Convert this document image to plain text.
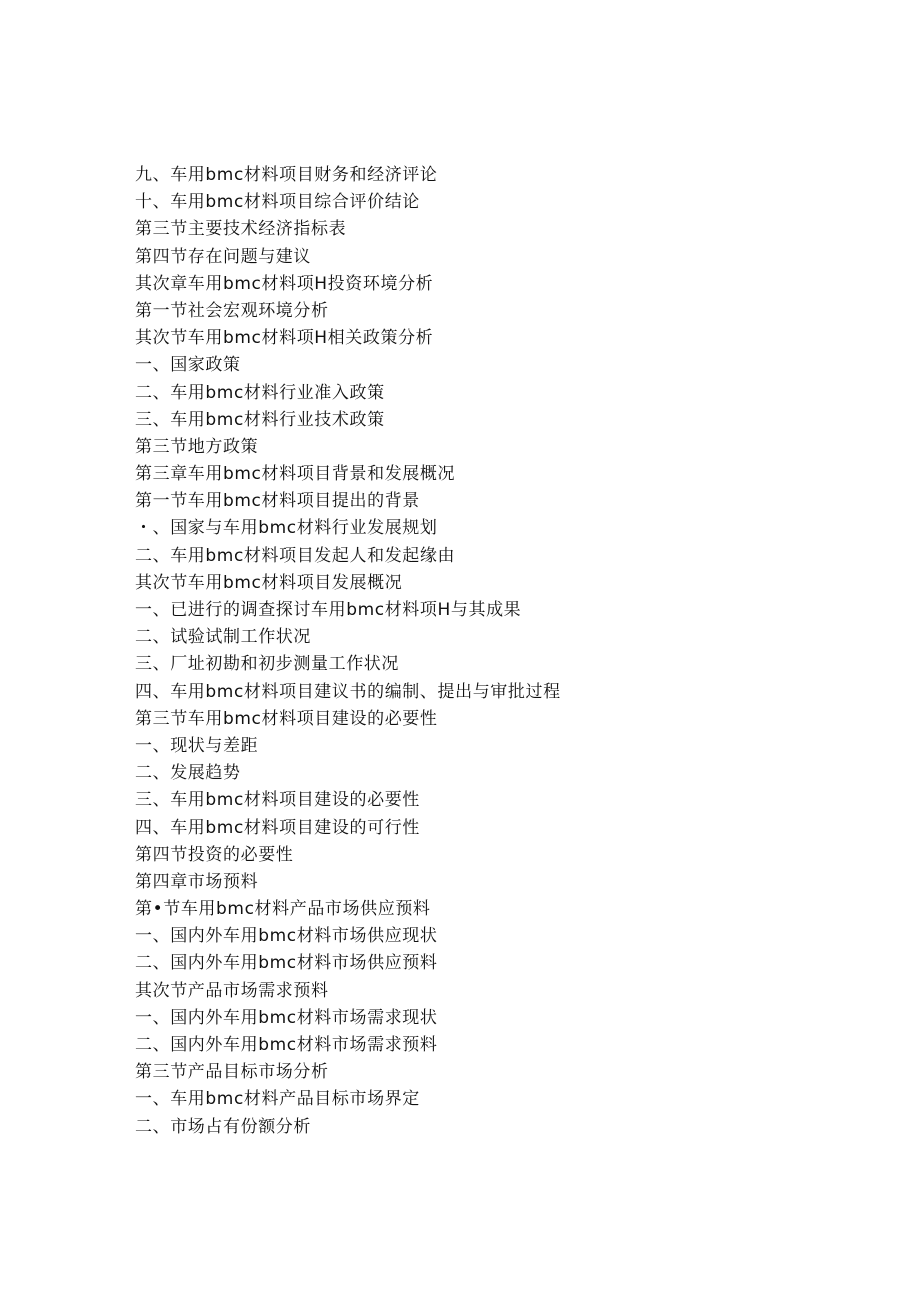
九、车用bmc材料项目财务和经济评论
十、车用bmc材料项目综合评价结论
第三节主要技术经济指标表
第四节存在问题与建议
其次章车用bmc材料项H投资环境分析
第一节社会宏观环境分析
其次节车用bmc材料项H相关政策分析
一、国家政策
二、车用bmc材料行业准入政策
三、车用bmc材料行业技术政策
第三节地方政策
第三章车用bmc材料项目背景和发展概况
第一节车用bmc材料项目提出的背景
・、国家与车用bmc材料行业发展规划
二、车用bmc材料项目发起人和发起缘由
其次节车用bmc材料项目发展概况
一、已进行的调查探讨车用bmc材料项H与其成果
二、试验试制工作状况
三、厂址初勘和初步测量工作状况
四、车用bmc材料项目建议书的编制、提出与审批过程
第三节车用bmc材料项目建设的必要性
一、现状与差距
二、发展趋势
三、车用bmc材料项目建设的必要性
四、车用bmc材料项目建设的可行性
第四节投资的必要性
第四章市场预料
第•节车用bmc材料产品市场供应预料
一、国内外车用bmc材料市场供应现状
二、国内外车用bmc材料市场供应预料
其次节产品市场需求预料
一、国内外车用bmc材料市场需求现状
二、国内外车用bmc材料市场需求预料
第三节产品目标市场分析
一、车用bmc材料产品目标市场界定
二、市场占有份额分析
